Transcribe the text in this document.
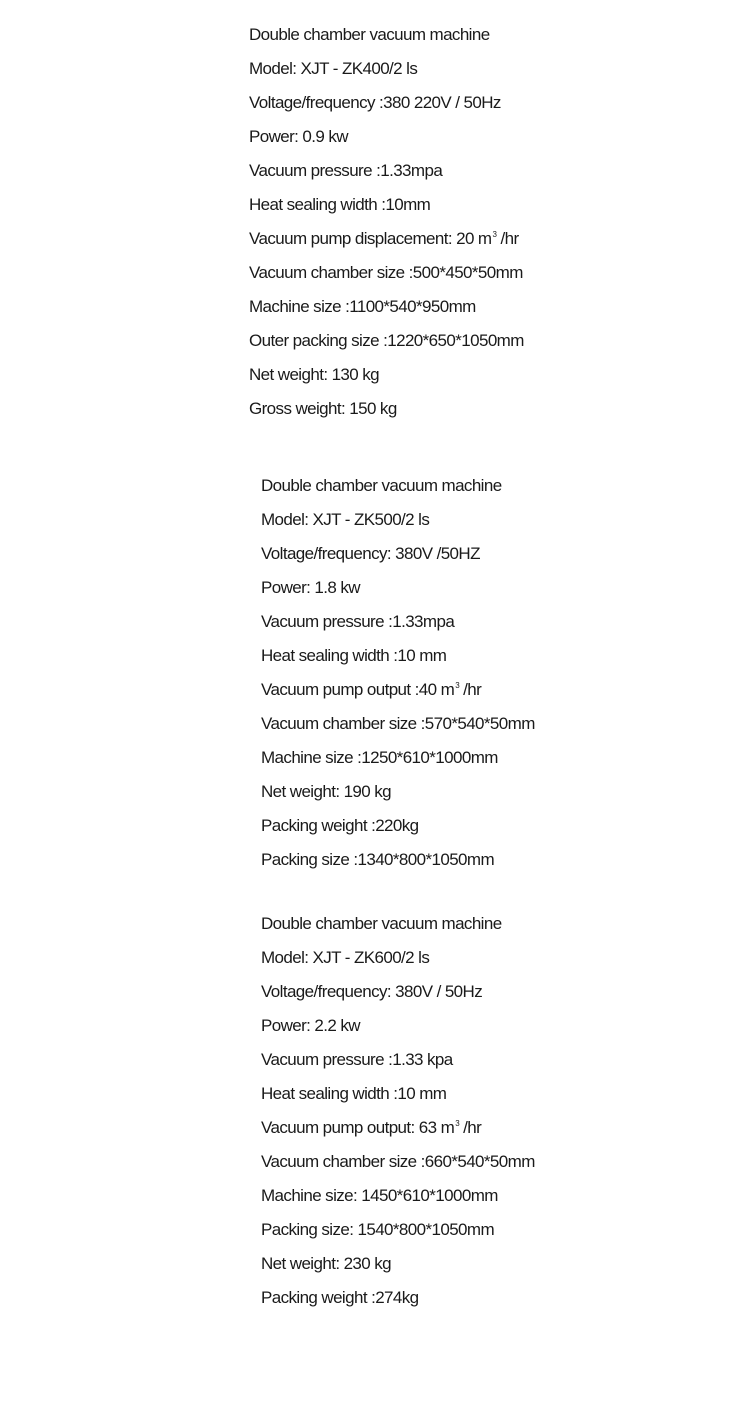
Double chamber vacuum machine
Model: XJT - ZK400/2 ls
Voltage/frequency :380 220V / 50Hz
Power: 0.9 kw
Vacuum pressure :1.33mpa
Heat sealing width :10mm
Vacuum pump displacement: 20 $m^3$ /hr
Vacuum chamber size :500*450*50mm
Machine size :1100*540*950mm
Outer packing size :1220*650*1050mm
Net weight: 130 kg
Gross weight: 150 kg
Double chamber vacuum machine
Model: XJT - ZK500/2 ls
Voltage/frequency: 380V /50HZ
Power: 1.8 kw
Vacuum pressure :1.33mpa
Heat sealing width :10 mm
Vacuum pump output :40 $m^3$ /hr
Vacuum chamber size :570*540*50mm
Machine size :1250*610*1000mm
Net weight: 190 kg
Packing weight :220kg
Packing size :1340*800*1050mm
Double chamber vacuum machine
Model: XJT - ZK600/2 ls
Voltage/frequency: 380V / 50Hz
Power: 2.2 kw
Vacuum pressure :1.33 kpa
Heat sealing width :10 mm
Vacuum pump output: 63 $m^3$ /hr
Vacuum chamber size :660*540*50mm
Machine size: 1450*610*1000mm
Packing size: 1540*800*1050mm
Net weight: 230 kg
Packing weight :274kg
